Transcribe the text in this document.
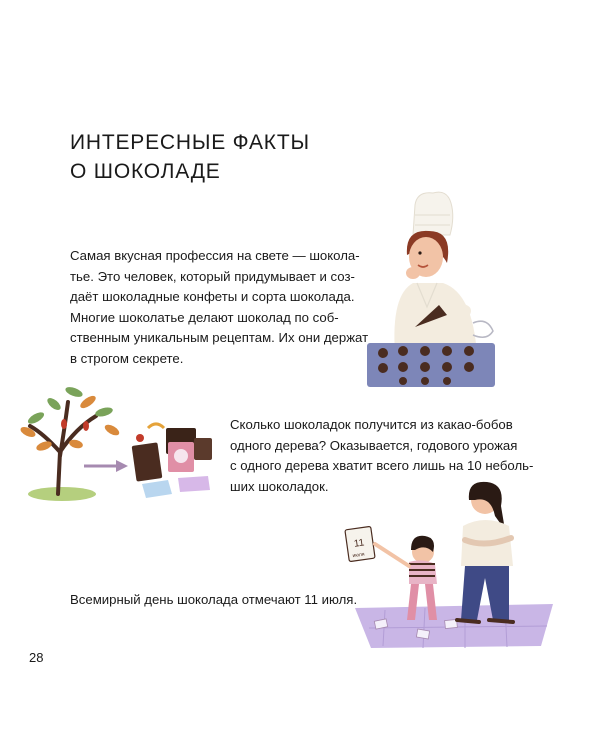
ИНТЕРЕСНЫЕ ФАКТЫ
О ШОКОЛАДЕ

Самая вкусная профессия на свете — шокола-
тье. Это человек, который придумывает и соз-
даёт шоколадные конфеты и сорта шоколада.
Многие шоколатье делают шоколад по соб-
ственным уникальным рецептам. Их они держат
в строгом секрете.

Сколько шоколадок получится из какао-бобов
одного дерева? Оказывается, годового урожая
с одного дерева хватит всего лишь на 10 неболь-
ших шоколадок.

Всемирный день шоколада отмечают 11 июля.

28
11
июля
